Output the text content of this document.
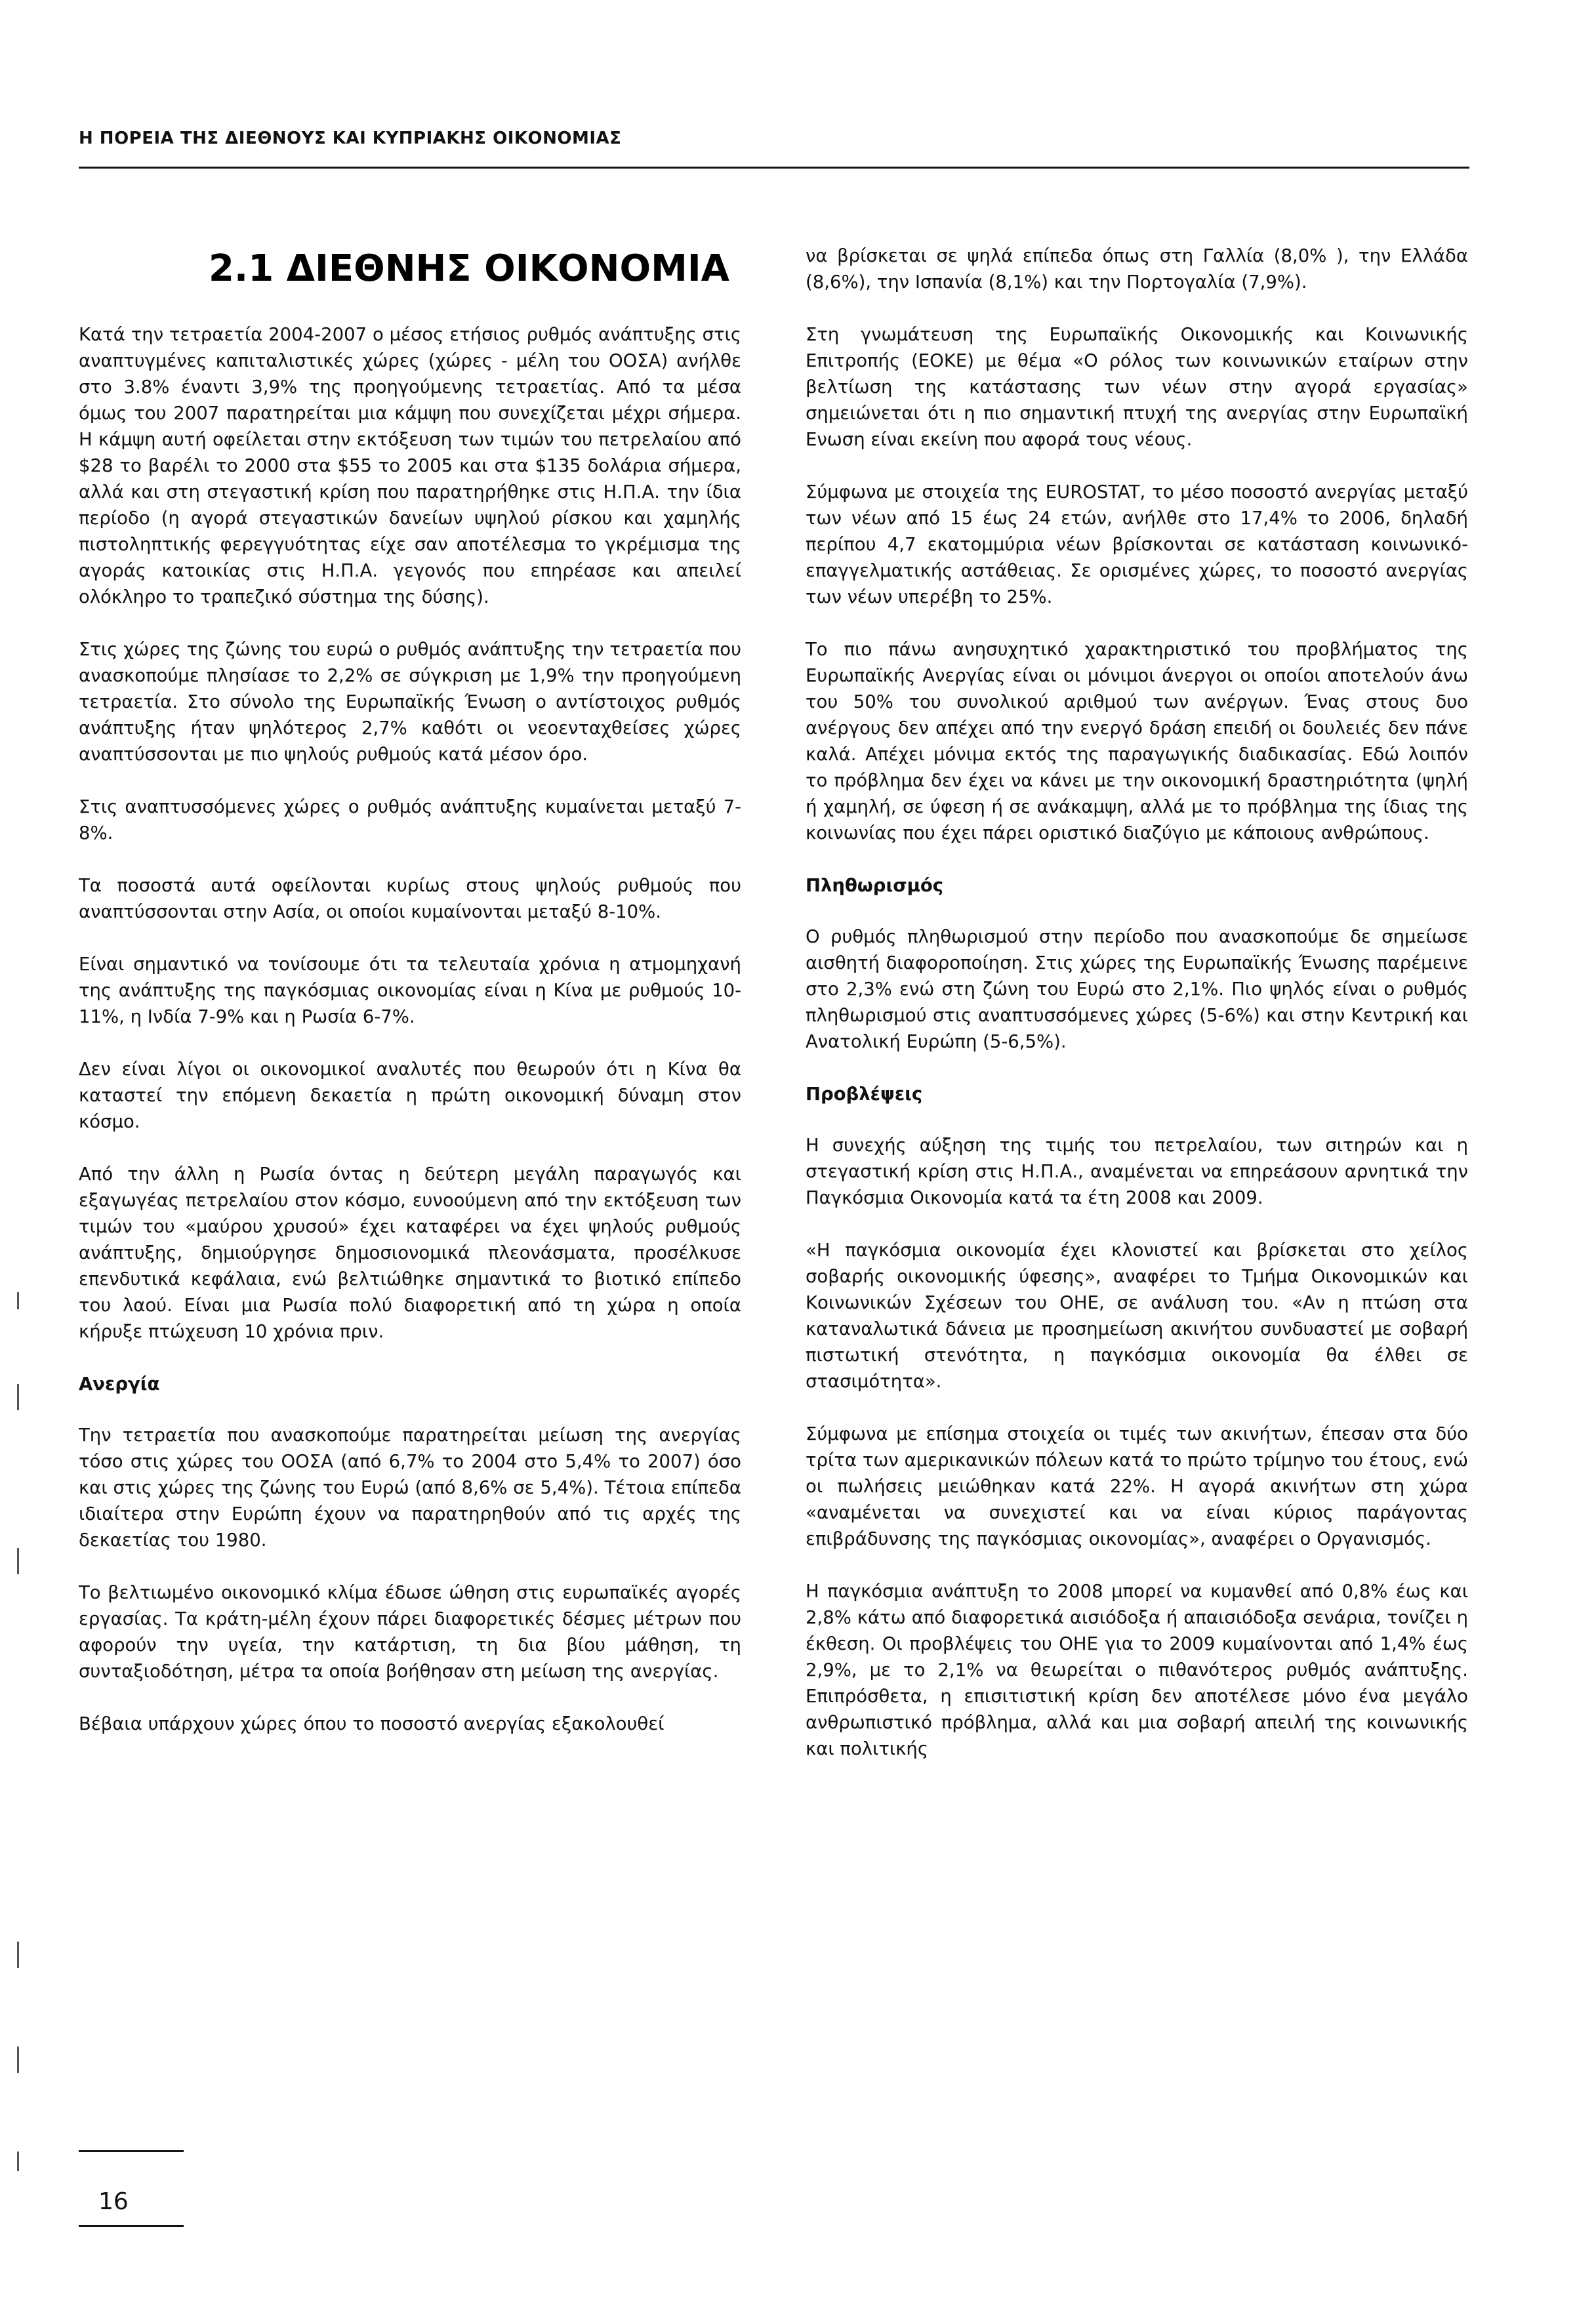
Η ΠΟΡΕΙΑ ΤΗΣ ΔΙΕΘΝΟΥΣ ΚΑΙ ΚΥΠΡΙΑΚΗΣ ΟΙΚΟΝΟΜΙΑΣ
2.1 ΔΙΕΘΝΗΣ ΟΙΚΟΝΟΜΙΑ

Κατά την τετραετία 2004-2007 ο μέσος ετήσιος ρυθμός ανάπτυξης στις αναπτυγμένες καπιταλιστικές χώρες (χώρες - μέλη του ΟΟΣΑ) ανήλθε στο 3.8% έναντι 3,9% της προηγούμενης τετραετίας. Από τα μέσα όμως του 2007 παρατηρείται μια κάμψη που συνεχίζεται μέχρι σήμερα. Η κάμψη αυτή οφείλεται στην εκτόξευση των τιμών του πετρελαίου από $28 το βαρέλι το 2000 στα $55 το 2005 και στα $135 δολάρια σήμερα, αλλά και στη στεγαστική κρίση που παρατηρήθηκε στις Η.Π.Α. την ίδια περίοδο (η αγορά στεγαστικών δανείων υψηλού ρίσκου και χαμηλής πιστοληπτικής φερεγγυότητας είχε σαν αποτέλεσμα το γκρέμισμα της αγοράς κατοικίας στις Η.Π.Α. γεγονός που επηρέασε και απειλεί ολόκληρο το τραπεζικό σύστημα της δύσης).

Στις χώρες της ζώνης του ευρώ ο ρυθμός ανάπτυξης την τετραετία που ανασκοπούμε πλησίασε το 2,2% σε σύγκριση με 1,9% την προηγούμενη τετραετία. Στο σύνολο της Ευρωπαϊκής Ένωση ο αντίστοιχος ρυθμός ανάπτυξης ήταν ψηλότερος 2,7% καθότι οι νεοενταχθείσες χώρες αναπτύσσονται με πιο ψηλούς ρυθμούς κατά μέσον όρο.

Στις αναπτυσσόμενες χώρες ο ρυθμός ανάπτυξης κυμαίνεται μεταξύ 7-8%.

Τα ποσοστά αυτά οφείλονται κυρίως στους ψηλούς ρυθμούς που αναπτύσσονται στην Ασία, οι οποίοι κυμαίνονται μεταξύ 8-10%.

Είναι σημαντικό να τονίσουμε ότι τα τελευταία χρόνια η ατμομηχανή της ανάπτυξης της παγκόσμιας οικονομίας είναι η Κίνα με ρυθμούς 10-11%, η Ινδία 7-9% και η Ρωσία 6-7%.

Δεν είναι λίγοι οι οικονομικοί αναλυτές που θεωρούν ότι η Κίνα θα καταστεί την επόμενη δεκαετία η πρώτη οικονομική δύναμη στον κόσμο.

Από την άλλη η Ρωσία όντας η δεύτερη μεγάλη παραγωγός και εξαγωγέας πετρελαίου στον κόσμο, ευνοούμενη από την εκτόξευση των τιμών του «μαύρου χρυσού» έχει καταφέρει να έχει ψηλούς ρυθμούς ανάπτυξης, δημιούργησε δημοσιονομικά πλεονάσματα, προσέλκυσε επενδυτικά κεφάλαια, ενώ βελτιώθηκε σημαντικά το βιοτικό επίπεδο του λαού. Είναι μια Ρωσία πολύ διαφορετική από τη χώρα η οποία κήρυξε πτώχευση 10 χρόνια πριν.

Ανεργία

Την τετραετία που ανασκοπούμε παρατηρείται μείωση της ανεργίας τόσο στις χώρες του ΟΟΣΑ (από 6,7% το 2004 στο 5,4% το 2007) όσο και στις χώρες της ζώνης του Ευρώ (από 8,6% σε 5,4%). Τέτοια επίπεδα ιδιαίτερα στην Ευρώπη έχουν να παρατηρηθούν από τις αρχές της δεκαετίας του 1980.

Το βελτιωμένο οικονομικό κλίμα έδωσε ώθηση στις ευρωπαϊκές αγορές εργασίας. Τα κράτη-μέλη έχουν πάρει διαφορετικές δέσμες μέτρων που αφορούν την υγεία, την κατάρτιση, τη δια βίου μάθηση, τη συνταξιοδότηση, μέτρα τα οποία βοήθησαν στη μείωση της ανεργίας.

Βέβαια υπάρχουν χώρες όπου το ποσοστό ανεργίας εξακολουθεί

να βρίσκεται σε ψηλά επίπεδα όπως στη Γαλλία (8,0% ), την Ελλάδα (8,6%), την Ισπανία (8,1%) και την Πορτογαλία (7,9%).

Στη γνωμάτευση της Ευρωπαϊκής Οικονομικής και Κοινωνικής Επιτροπής (ΕΟΚΕ) με θέμα «Ο ρόλος των κοινωνικών εταίρων στην βελτίωση της κατάστασης των νέων στην αγορά εργασίας» σημειώνεται ότι η πιο σημαντική πτυχή της ανεργίας στην Ευρωπαϊκή Ενωση είναι εκείνη που αφορά τους νέους.

Σύμφωνα με στοιχεία της EUROSTAT, το μέσο ποσοστό ανεργίας μεταξύ των νέων από 15 έως 24 ετών, ανήλθε στο 17,4% το 2006, δηλαδή περίπου 4,7 εκατομμύρια νέων βρίσκονται σε κατάσταση κοινωνικό-επαγγελματικής αστάθειας. Σε ορισμένες χώρες, το ποσοστό ανεργίας των νέων υπερέβη το 25%.

Το πιο πάνω ανησυχητικό χαρακτηριστικό του προβλήματος της Ευρωπαϊκής Ανεργίας είναι οι μόνιμοι άνεργοι οι οποίοι αποτελούν άνω του 50% του συνολικού αριθμού των ανέργων. Ένας στους δυο ανέργους δεν απέχει από την ενεργό δράση επειδή οι δουλειές δεν πάνε καλά. Απέχει μόνιμα εκτός της παραγωγικής διαδικασίας. Εδώ λοιπόν το πρόβλημα δεν έχει να κάνει με την οικονομική δραστηριότητα (ψηλή ή χαμηλή, σε ύφεση ή σε ανάκαμψη, αλλά με το πρόβλημα της ίδιας της κοινωνίας που έχει πάρει οριστικό διαζύγιο με κάποιους ανθρώπους.

Πληθωρισμός

Ο ρυθμός πληθωρισμού στην περίοδο που ανασκοπούμε δε σημείωσε αισθητή διαφοροποίηση. Στις χώρες της Ευρωπαϊκής Ένωσης παρέμεινε στο 2,3% ενώ στη ζώνη του Ευρώ στο 2,1%. Πιο ψηλός είναι ο ρυθμός πληθωρισμού στις αναπτυσσόμενες χώρες (5-6%) και στην Κεντρική και Ανατολική Ευρώπη (5-6,5%).

Προβλέψεις

Η συνεχής αύξηση της τιμής του πετρελαίου, των σιτηρών και η στεγαστική κρίση στις Η.Π.Α., αναμένεται να επηρεάσουν αρνητικά την Παγκόσμια Οικονομία κατά τα έτη 2008 και 2009.

«Η παγκόσμια οικονομία έχει κλονιστεί και βρίσκεται στο χείλος σοβαρής οικονομικής ύφεσης», αναφέρει το Τμήμα Οικονομικών και Κοινωνικών Σχέσεων του ΟΗΕ, σε ανάλυση του. «Αν η πτώση στα καταναλωτικά δάνεια με προσημείωση ακινήτου συνδυαστεί με σοβαρή πιστωτική στενότητα, η παγκόσμια οικονομία θα έλθει σε στασιμότητα».

Σύμφωνα με επίσημα στοιχεία οι τιμές των ακινήτων, έπεσαν στα δύο τρίτα των αμερικανικών πόλεων κατά το πρώτο τρίμηνο του έτους, ενώ οι πωλήσεις μειώθηκαν κατά 22%. Η αγορά ακινήτων στη χώρα «αναμένεται να συνεχιστεί και να είναι κύριος παράγοντας επιβράδυνσης της παγκόσμιας οικονομίας», αναφέρει ο Οργανισμός.

Η παγκόσμια ανάπτυξη το 2008 μπορεί να κυμανθεί από 0,8% έως και 2,8% κάτω από διαφορετικά αισιόδοξα ή απαισιόδοξα σενάρια, τονίζει η έκθεση. Οι προβλέψεις του ΟΗΕ για το 2009 κυμαίνονται από 1,4% έως 2,9%, με το 2,1% να θεωρείται ο πιθανότερος ρυθμός ανάπτυξης. Επιπρόσθετα, η επισιτιστική κρίση δεν αποτέλεσε μόνο ένα μεγάλο ανθρωπιστικό πρόβλημα, αλλά και μια σοβαρή απειλή της κοινωνικής και πολιτικής

16
